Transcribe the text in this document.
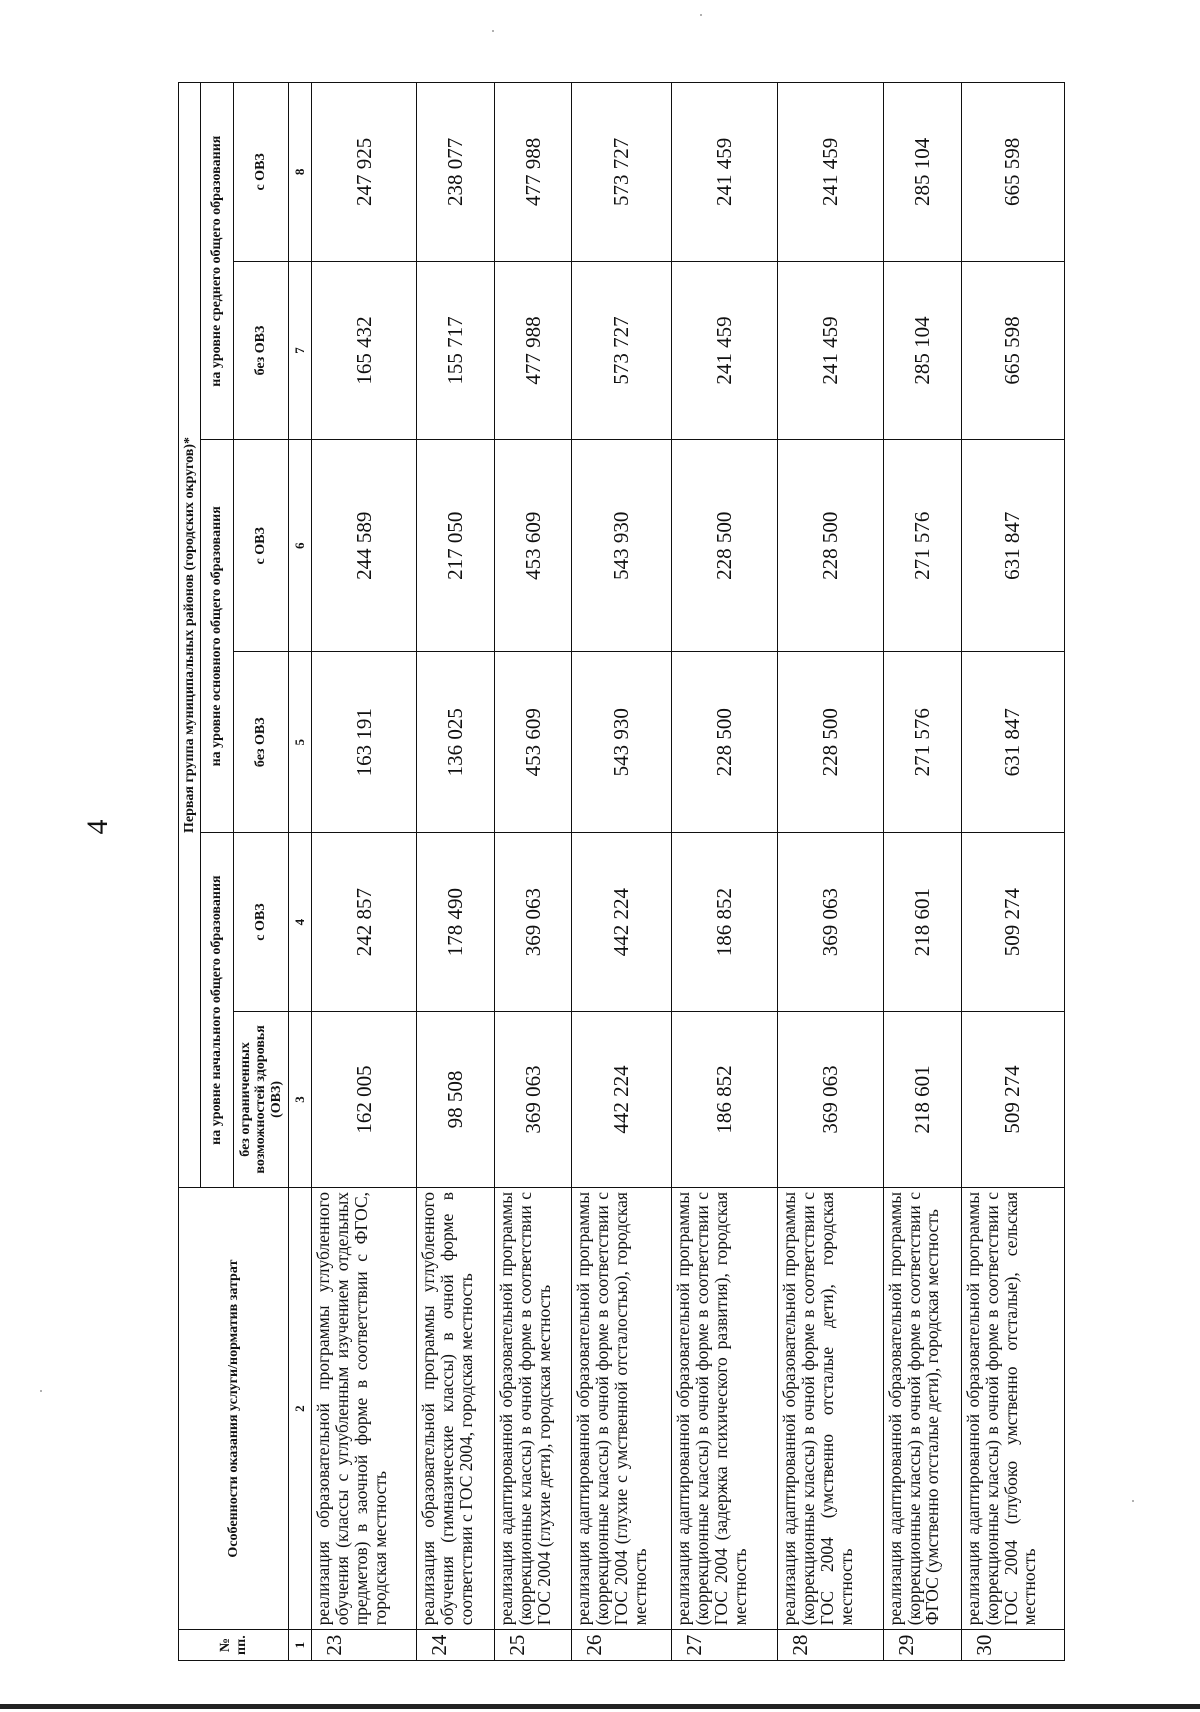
4
№ пп.	Особенности оказания услуги/норматив затрат	Первая группа муниципальных районов (городских округов)*					
		на уровне начального общего образования		на уровне основного общего образования		на уровне среднего общего образования	
		без ограниченных возможностей здоровья (ОВЗ)	с ОВЗ	без ОВЗ	с ОВЗ	без ОВЗ	с ОВЗ
1	2	3	4	5	6	7	8
23	реализация образовательной программы углубленного обучения (классы с углубленным изучением отдельных предметов) в заочной форме в соответствии с ФГОС, городская местность	162 005	242 857	163 191	244 589	165 432	247 925
24	реализация образовательной программы углубленного обучения (гимназические классы) в очной форме в соответствии с ГОС 2004, городская местность	98 508	178 490	136 025	217 050	155 717	238 077
25	реализация адаптированной образовательной программы (коррекционные классы) в очной форме в соответствии с ГОС 2004 (глухие дети), городская местность	369 063	369 063	453 609	453 609	477 988	477 988
26	реализация адаптированной образовательной программы (коррекционные классы) в очной форме в соответствии с ГОС 2004 (глухие с умственной отсталостью), городская местность	442 224	442 224	543 930	543 930	573 727	573 727
27	реализация адаптированной образовательной программы (коррекционные классы) в очной форме в соответствии с ГОС 2004 (задержка психического развития), городская местность	186 852	186 852	228 500	228 500	241 459	241 459
28	реализация адаптированной образовательной программы (коррекционные классы) в очной форме в соответствии с ГОС 2004 (умственно отсталые дети), городская местность	369 063	369 063	228 500	228 500	241 459	241 459
29	реализация адаптированной образовательной программы (коррекционные классы) в очной форме в соответствии с ФГОС (умственно отсталые дети), городская местность	218 601	218 601	271 576	271 576	285 104	285 104
30	реализация адаптированной образовательной программы (коррекционные классы) в очной форме в соответствии с ГОС 2004 (глубоко умственно отсталые), сельская местность	509 274	509 274	631 847	631 847	665 598	665 598
